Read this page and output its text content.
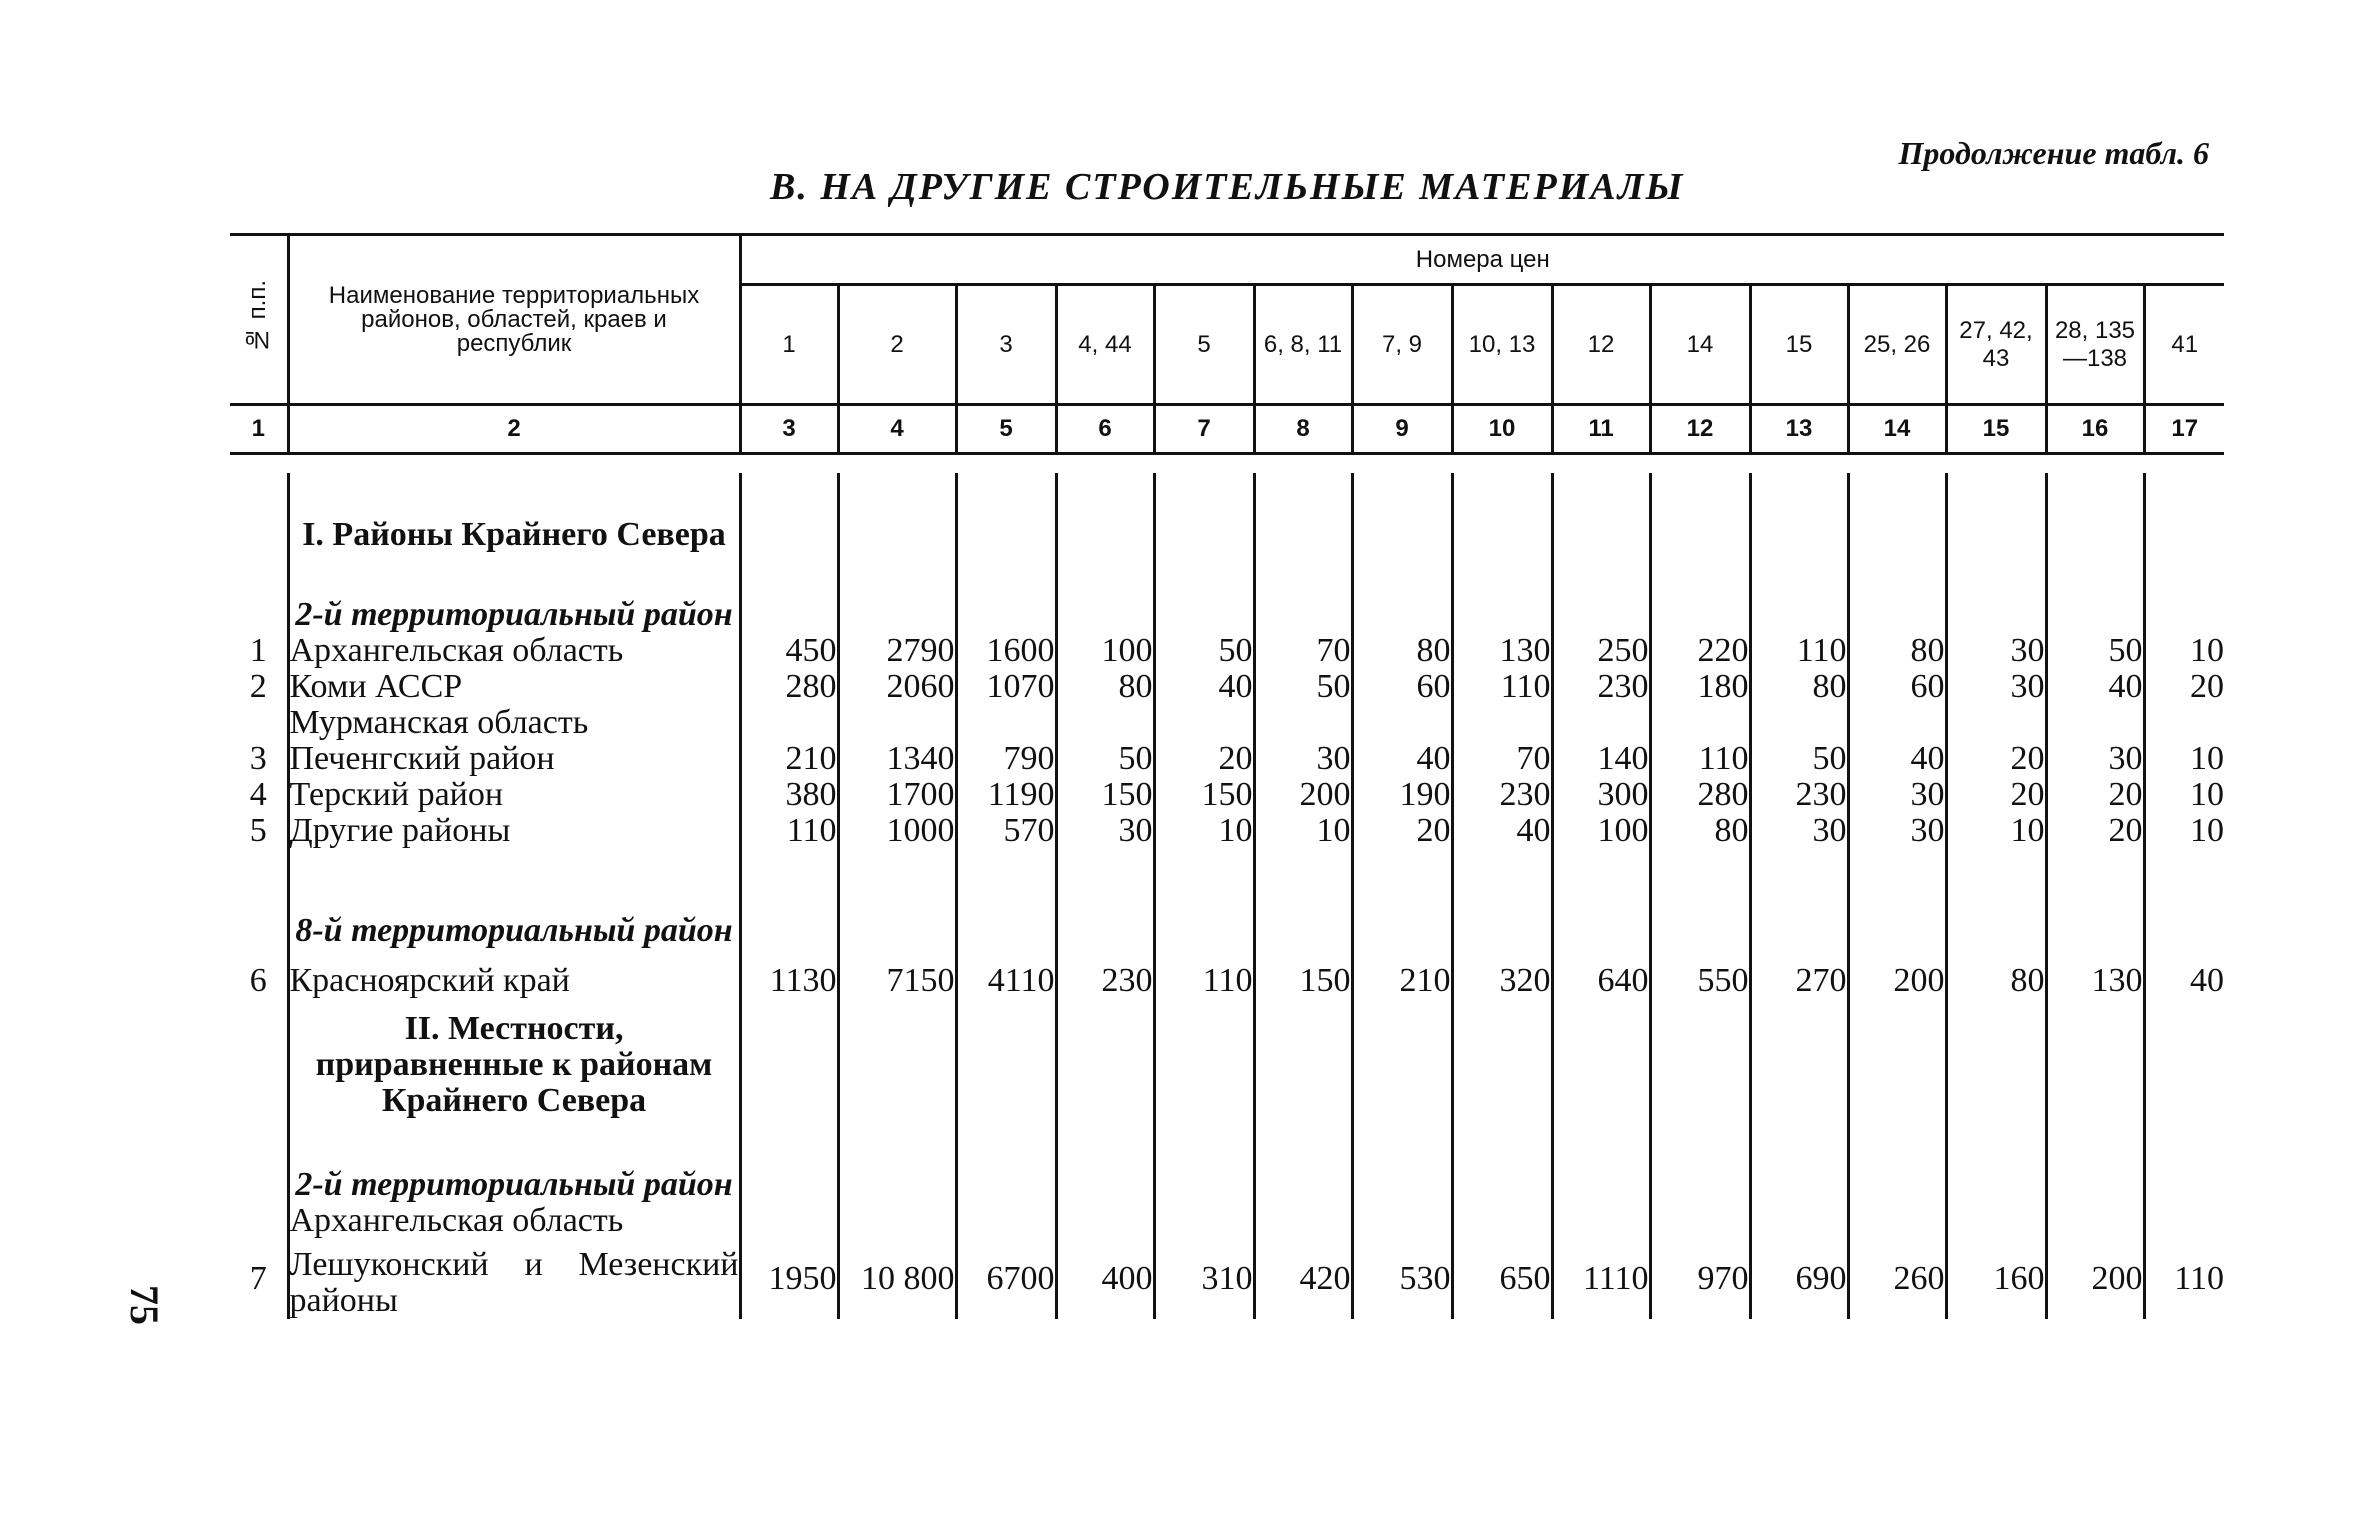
Продолжение табл. 6
В. НА ДРУГИЕ СТРОИТЕЛЬНЫЕ МАТЕРИАЛЫ
75
№ п.п.	Наименование территориальных районов, областей, краев и республик	Номера цен														
		1	2	3	4, 44	5	6, 8, 11	7, 9	10, 13	12	14	15	25, 26	27, 42, 43	28, 135—138	41
1	2	3	4	5	6	7	8	9	10	11	12	13	14	15	16	17

	I. Районы Крайнего Севера															
	2-й территориальный район															
1	Архангельская область	450	2790	1600	100	50	70	80	130	250	220	110	80	30	50	10
2	Коми АССР	280	2060	1070	80	40	50	60	110	230	180	80	60	30	40	20
	Мурманская область															
3	Печенгский район	210	1340	790	50	20	30	40	70	140	110	50	40	20	30	10
4	Терский район	380	1700	1190	150	150	200	190	230	300	280	230	30	20	20	10
5	Другие районы	110	1000	570	30	10	10	20	40	100	80	30	30	10	20	10
	8-й территориальный район															
6	Красноярский край	1130	7150	4110	230	110	150	210	320	640	550	270	200	80	130	40
	II. Местности, приравненные к районам Крайнего Севера															
	2-й территориальный район															
	Архангельская область															
7	Лешуконский и Мезенский районы	1950	10 800	6700	400	310	420	530	650	1110	970	690	260	160	200	110
